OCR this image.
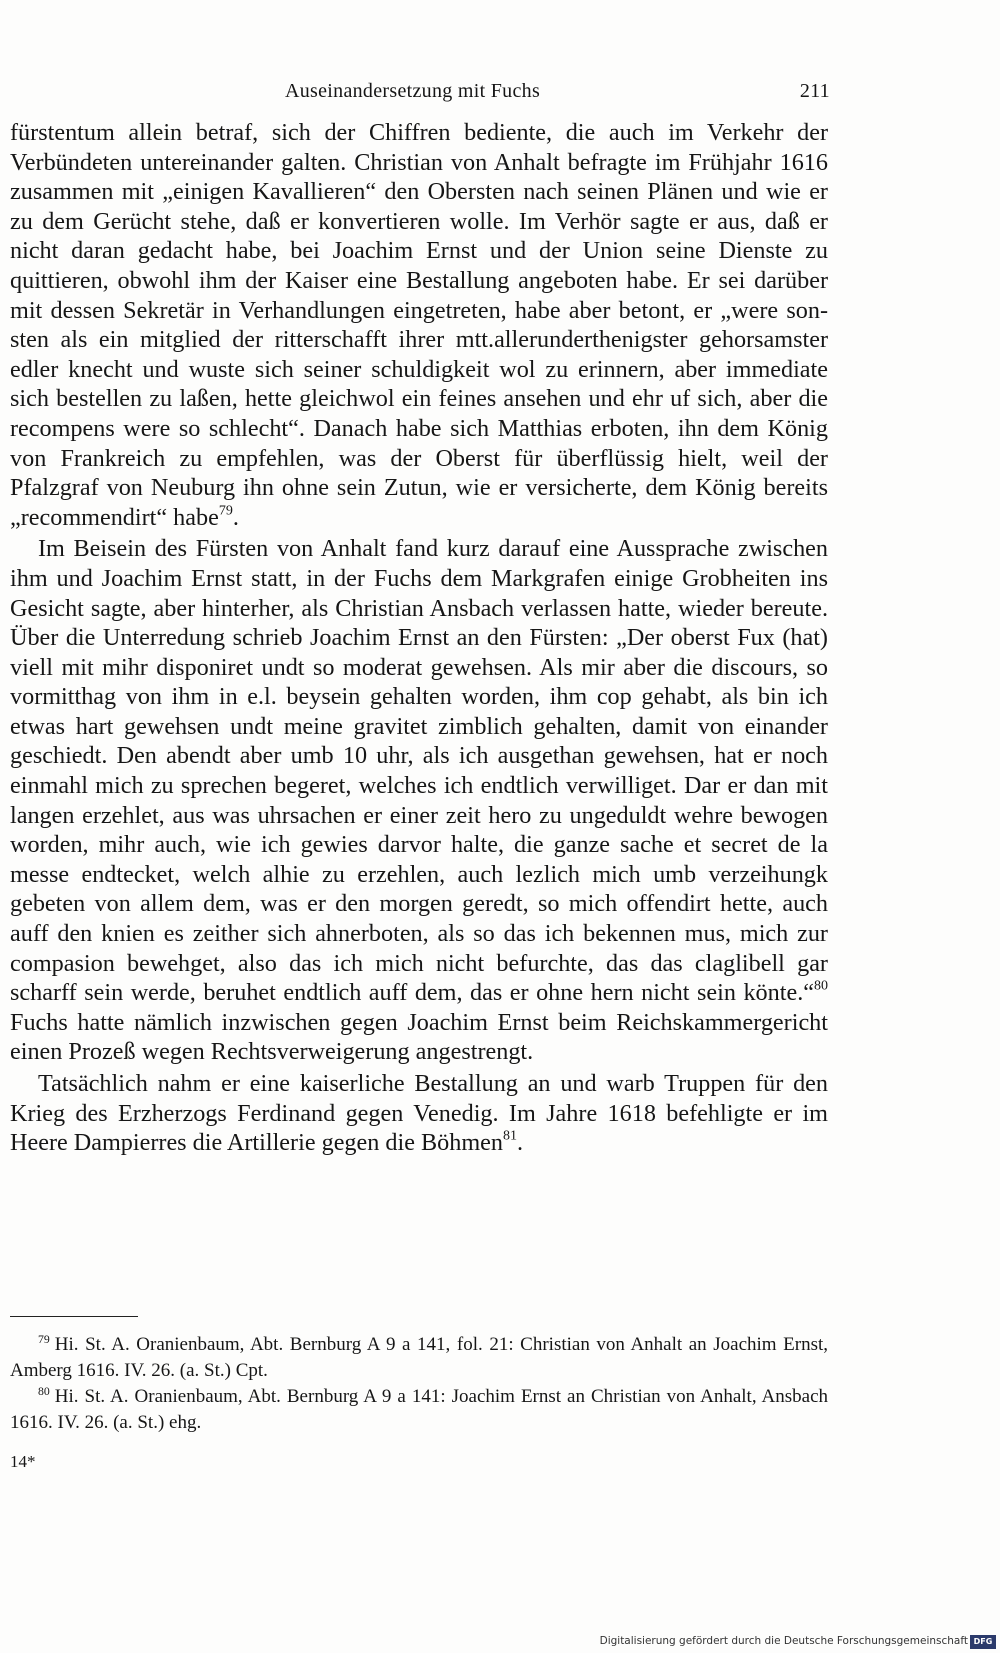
Auseinandersetzung mit Fuchs	211

fürstentum allein betraf, sich der Chiffren bediente, die auch im Verkehr der Verbündeten untereinander galten. Christian von Anhalt befragte im Frühjahr 1616 zusammen mit „einigen Kavallieren“ den Obersten nach seinen Plänen und wie er zu dem Gerücht stehe, daß er konvertieren wolle. Im Verhör sagte er aus, daß er nicht daran gedacht habe, bei Joachim Ernst und der Union seine Dienste zu quittieren, obwohl ihm der Kaiser eine Bestallung angeboten habe. Er sei darüber mit dessen Sekretär in Verhandlungen eingetreten, habe aber betont, er „were sonsten als ein mitglied der ritterschafft ihrer mtt.allerunderthenigster gehorsamster edler knecht und wuste sich seiner schuldigkeit wol zu erinnern, aber immediate sich bestellen zu laßen, hette gleichwol ein feines ansehen und ehr uf sich, aber die recompens were so schlecht“. Danach habe sich Matthias erboten, ihn dem König von Frankreich zu empfehlen, was der Oberst für überflüssig hielt, weil der Pfalzgraf von Neuburg ihn ohne sein Zutun, wie er versicherte, dem König bereits „recommendirt“ habe$^{79}$.

Im Beisein des Fürsten von Anhalt fand kurz darauf eine Aussprache zwischen ihm und Joachim Ernst statt, in der Fuchs dem Markgrafen einige Grobheiten ins Gesicht sagte, aber hinterher, als Christian Ansbach verlassen hatte, wieder bereute. Über die Unterredung schrieb Joachim Ernst an den Fürsten: „Der oberst Fux (hat) viell mit mihr disponiret undt so moderat gewehsen. Als mir aber die discours, so vormitthag von ihm in e.l. beysein gehalten worden, ihm cop gehabt, als bin ich etwas hart gewehsen undt meine gravitet zimblich gehalten, damit von einander geschiedt. Den abendt aber umb 10 uhr, als ich ausgethan gewehsen, hat er noch einmahl mich zu sprechen begeret, welches ich endtlich verwilliget. Dar er dan mit langen erzehlet, aus was uhrsachen er einer zeit hero zu ungeduldt wehre bewogen worden, mihr auch, wie ich gewies darvor halte, die ganze sache et secret de la messe endtecket, welch alhie zu erzehlen, auch lezlich mich umb verzeihungk gebeten von allem dem, was er den morgen geredt, so mich offendirt hette, auch auff den knien es zeither sich ahnerboten, als so das ich bekennen mus, mich zur compasion bewehget, also das ich mich nicht befurchte, das das claglibell gar scharff sein werde, beruhet endtlich auff dem, das er ohne hern nicht sein könte.“$^{80}$ Fuchs hatte nämlich inzwischen gegen Joachim Ernst beim Reichskammergericht einen Prozeß wegen Rechtsverweigerung angestrengt.

Tatsächlich nahm er eine kaiserliche Bestallung an und warb Truppen für den Krieg des Erzherzogs Ferdinand gegen Venedig. Im Jahre 1618 befehligte er im Heere Dampierres die Artillerie gegen die Böhmen$^{81}$.

$^{79}$ Hi. St. A. Oranienbaum, Abt. Bernburg A 9 a 141, fol. 21: Christian von Anhalt an Joachim Ernst, Amberg 1616. IV. 26. (a. St.) Cpt.

$^{80}$ Hi. St. A. Oranienbaum, Abt. Bernburg A 9 a 141: Joachim Ernst an Christian von Anhalt, Ansbach 1616. IV. 26. (a. St.) ehg.

14*
Digitalisierung gefördert durch die Deutsche Forschungsgemeinschaft DFG
